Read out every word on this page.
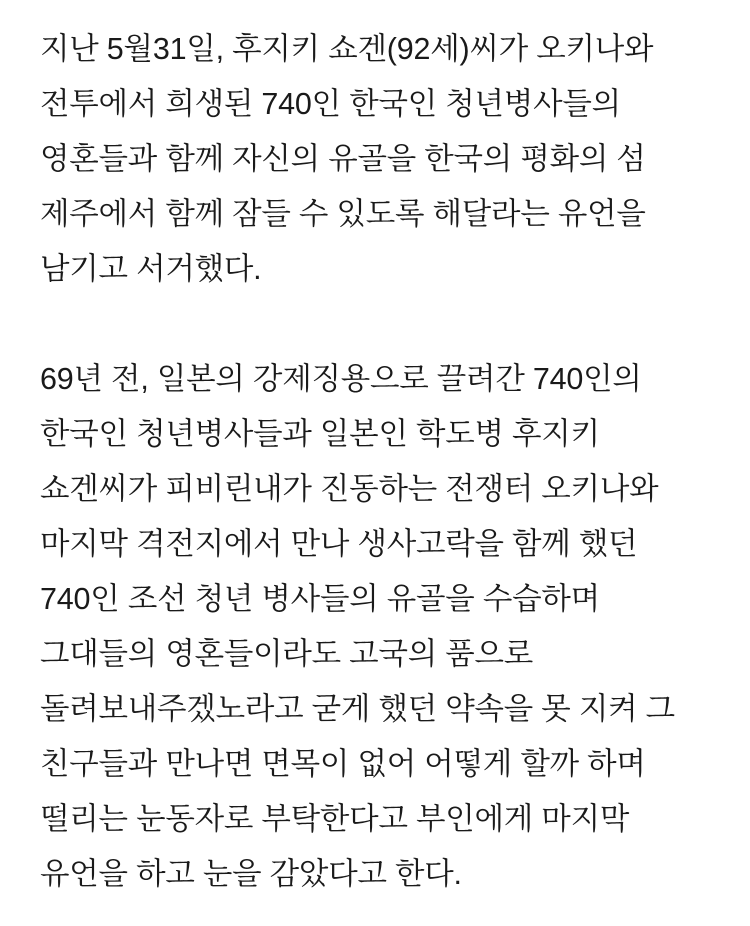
지난 5월31일, 후지키 쇼겐(92세)씨가 오키나와 전투에서 희생된 740인 한국인 청년병사들의 영혼들과 함께 자신의 유골을 한국의 평화의 섬 제주에서 함께 잠들 수 있도록 해달라는 유언을 남기고 서거했다.

69년 전, 일본의 강제징용으로 끌려간 740인의 한국인 청년병사들과 일본인 학도병 후지키 쇼겐씨가 피비린내가 진동하는 전쟁터 오키나와 마지막 격전지에서 만나 생사고락을 함께 했던 740인 조선 청년 병사들의 유골을 수습하며 그대들의 영혼들이라도 고국의 품으로 돌려보내주겠노라고 굳게 했던 약속을 못 지켜 그 친구들과 만나면 면목이 없어 어떻게 할까 하며 떨리는 눈동자로 부탁한다고 부인에게 마지막 유언을 하고 눈을 감았다고 한다.
